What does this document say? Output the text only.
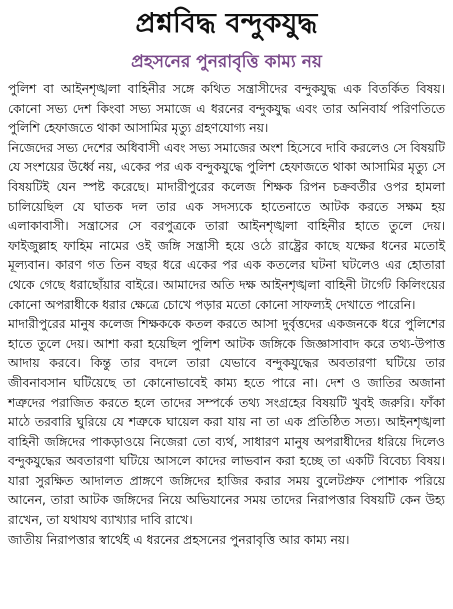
প্রশ্নবিদ্ধ বন্দুকযুদ্ধ
প্রহসনের পুনরাবৃত্তি কাম্য নয়

পুলিশ বা আইনশৃঙ্খলা বাহিনীর সঙ্গে কথিত সন্ত্রাসীদের বন্দুকযুদ্ধ এক বিতর্কিত বিষয়। কোনো সভ্য দেশ কিংবা সভ্য সমাজে এ ধরনের বন্দুকযুদ্ধ এবং তার অনিবার্য পরিণতিতে পুলিশি হেফাজতে থাকা আসামির মৃত্যু গ্রহণযোগ্য নয়।

নিজেদের সভ্য দেশের অধিবাসী এবং সভ্য সমাজের অংশ হিসেবে দাবি করলেও সে বিষয়টি যে সংশয়ের উর্ধ্বে নয়, একের পর এক বন্দুকযুদ্ধে পুলিশ হেফাজতে থাকা আসামির মৃত্যু সে বিষয়টিই যেন স্পষ্ট করেছে। মাদারীপুরের কলেজ শিক্ষক রিপন চক্রবর্তীর ওপর হামলা চালিয়েছিল যে ঘাতক দল তার এক সদস্যকে হাতেনাতে আটক করতে সক্ষম হয় এলাকাবাসী। সন্ত্রাসের সে বরপুত্রকে তারা আইনশৃঙ্খলা বাহিনীর হাতে তুলে দেয়। ফাইজুল্লাহ ফাহিম নামের ওই জঙ্গি সন্ত্রাসী হয়ে ওঠে রাষ্ট্রের কাছে যক্ষের ধনের মতোই মূল্যবান। কারণ গত তিন বছর ধরে একের পর এক কতলের ঘটনা ঘটলেও এর হোতারা থেকে গেছে ধরাছোঁয়ার বাইরে। আমাদের অতি দক্ষ আইনশৃঙ্খলা বাহিনী টার্গেট কিলিংয়ের কোনো অপরাধীকে ধরার ক্ষেত্রে চোখে পড়ার মতো কোনো সাফল্যই দেখাতে পারেনি।

মাদারীপুরের মানুষ কলেজ শিক্ষককে কতল করতে আসা দুর্বৃত্তদের একজনকে ধরে পুলিশের হাতে তুলে দেয়। আশা করা হয়েছিল পুলিশ আটক জঙ্গিকে জিজ্ঞাসাবাদ করে তথ্য-উপাত্ত আদায় করবে। কিন্তু তার বদলে তারা যেভাবে বন্দুকযুদ্ধের অবতারণা ঘটিয়ে তার জীবনাবসান ঘটিয়েছে তা কোনোভাবেই কাম্য হতে পারে না। দেশ ও জাতির অজানা শত্রুদের পরাজিত করতে হলে তাদের সম্পর্কে তথ্য সংগ্রহের বিষয়টি খুবই জরুরি। ফাঁকা মাঠে তরবারি ঘুরিয়ে যে শত্রুকে ঘায়েল করা যায় না তা এক প্রতিষ্ঠিত সত্য। আইনশৃঙ্খলা বাহিনী জঙ্গিদের পাকড়াওয়ে নিজেরা তো ব্যর্থ, সাধারণ মানুষ অপরাধীদের ধরিয়ে দিলেও বন্দুকযুদ্ধের অবতারণা ঘটিয়ে আসলে কাদের লাভবান করা হচ্ছে তা একটি বিবেচ্য বিষয়। যারা সুরক্ষিত আদালত প্রাঙ্গণে জঙ্গিদের হাজির করার সময় বুলেটপ্রুফ পোশাক পরিয়ে আনেন, তারা আটক জঙ্গিদের নিয়ে অভিযানের সময় তাদের নিরাপত্তার বিষয়টি কেন উহ্য রাখেন, তা যথাযথ ব্যাখ্যার দাবি রাখে।

জাতীয় নিরাপত্তার স্বার্থেই এ ধরনের প্রহসনের পুনরাবৃত্তি আর কাম্য নয়।
